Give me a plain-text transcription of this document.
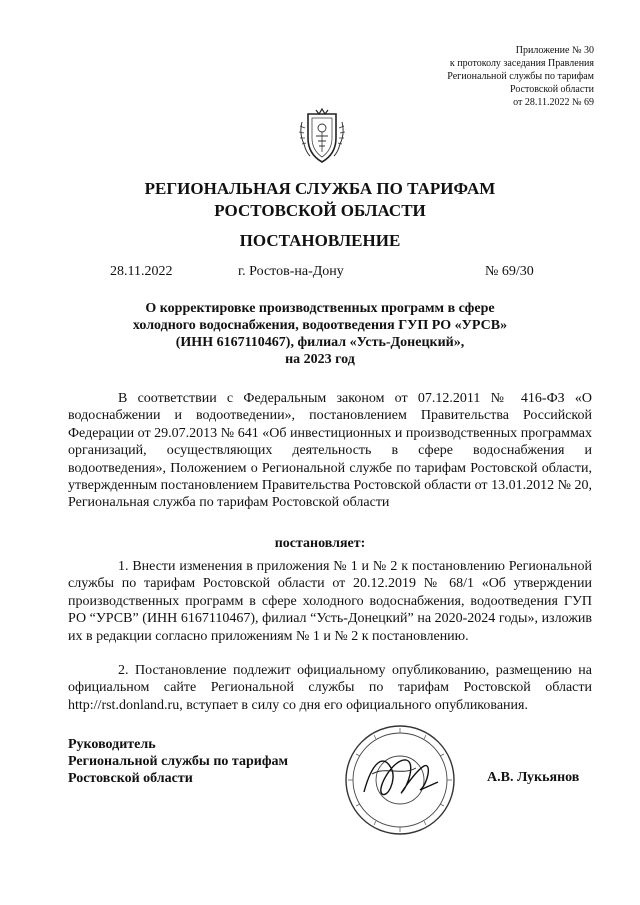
Приложение № 30
к протоколу заседания Правления
Региональной службы по тарифам
Ростовской области
от 28.11.2022 № 69
РЕГИОНАЛЬНАЯ СЛУЖБА ПО ТАРИФАМ
РОСТОВСКОЙ ОБЛАСТИ
ПОСТАНОВЛЕНИЕ
28.11.2022	г. Ростов-на-Дону	№ 69/30
О корректировке производственных программ в сфере
холодного водоснабжения, водоотведения ГУП РО «УРСВ»
(ИНН 6167110467), филиал «Усть-Донецкий»,
на 2023 год
В соответствии с Федеральным законом от 07.12.2011 № 416-ФЗ «О водоснабжении и водоотведении», постановлением Правительства Российской Федерации от 29.07.2013 № 641 «Об инвестиционных и производственных программах организаций, осуществляющих деятельность в сфере водоснабжения и водоотведения», Положением о Региональной службе по тарифам Ростовской области, утвержденным постановлением Правительства Ростовской области от 13.01.2012 № 20, Региональная служба по тарифам Ростовской области
постановляет:
1. Внести изменения в приложения № 1 и № 2 к постановлению Региональной службы по тарифам Ростовской области от 20.12.2019 № 68/1 «Об утверждении производственных программ в сфере холодного водоснабжения, водоотведения ГУП РО “УРСВ” (ИНН 6167110467), филиал “Усть-Донецкий” на 2020-2024 годы», изложив их в редакции согласно приложениям № 1 и № 2 к постановлению.
2. Постановление подлежит официальному опубликованию, размещению на официальном сайте Региональной службы по тарифам Ростовской области http://rst.donland.ru, вступает в силу со дня его официального опубликования.
Руководитель
Региональной службы по тарифам
Ростовской области	А.В. Лукьянов
